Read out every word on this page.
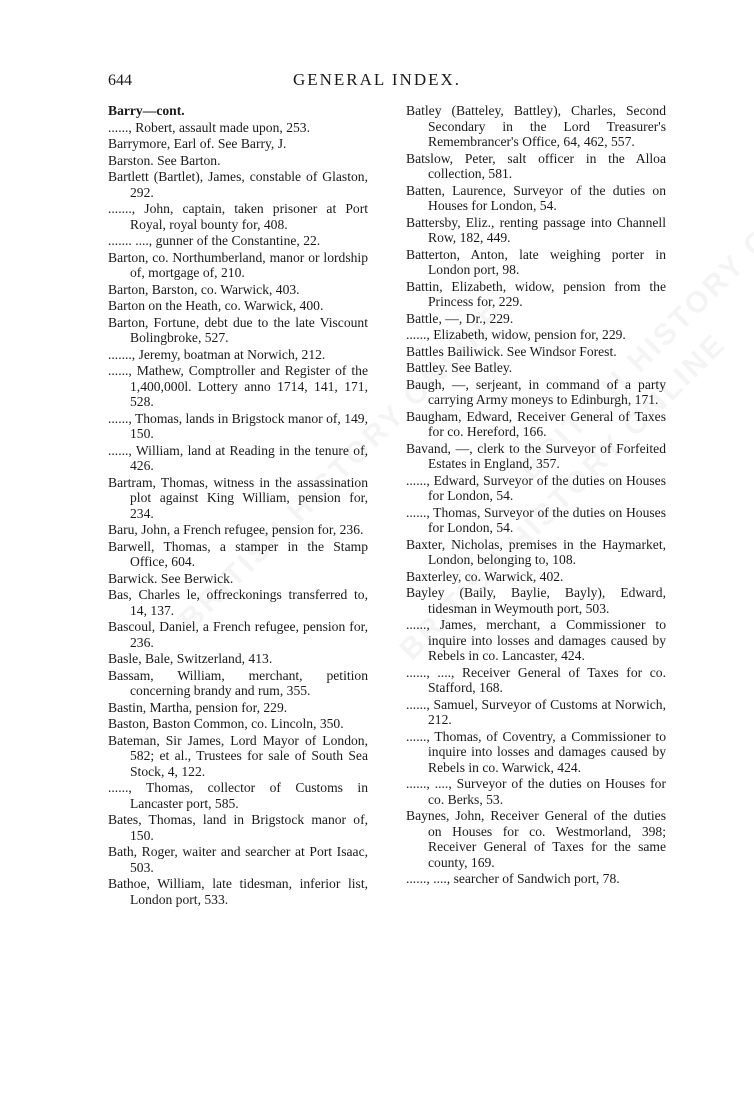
644	GENERAL INDEX.
Barry—cont.
......, Robert, assault made upon, 253.
Barrymore, Earl of. See Barry, J.
Barston. See Barton.
Bartlett (Bartlet), James, constable of Glaston, 292.
......., John, captain, taken prisoner at Port Royal, royal bounty for, 408.
....... ...., gunner of the Constantine, 22.
Barton, co. Northumberland, manor or lordship of, mortgage of, 210.
Barton, Barston, co. Warwick, 403.
Barton on the Heath, co. Warwick, 400.
Barton, Fortune, debt due to the late Viscount Bolingbroke, 527.
......., Jeremy, boatman at Norwich, 212.
......, Mathew, Comptroller and Register of the 1,400,000l. Lottery anno 1714, 141, 171, 528.
......, Thomas, lands in Brigstock manor of, 149, 150.
......, William, land at Reading in the tenure of, 426.
Bartram, Thomas, witness in the assassination plot against King William, pension for, 234.
Baru, John, a French refugee, pension for, 236.
Barwell, Thomas, a stamper in the Stamp Office, 604.
Barwick. See Berwick.
Bas, Charles le, offreckonings transferred to, 14, 137.
Bascoul, Daniel, a French refugee, pension for, 236.
Basle, Bale, Switzerland, 413.
Bassam, William, merchant, petition concerning brandy and rum, 355.
Bastin, Martha, pension for, 229.
Baston, Baston Common, co. Lincoln, 350.
Bateman, Sir James, Lord Mayor of London, 582; et al., Trustees for sale of South Sea Stock, 4, 122.
......, Thomas, collector of Customs in Lancaster port, 585.
Bates, Thomas, land in Brigstock manor of, 150.
Bath, Roger, waiter and searcher at Port Isaac, 503.
Bathoe, William, late tidesman, inferior list, London port, 533.
Batley (Batteley, Battley), Charles, Second Secondary in the Lord Treasurer's Remembrancer's Office, 64, 462, 557.
Batslow, Peter, salt officer in the Alloa collection, 581.
Batten, Laurence, Surveyor of the duties on Houses for London, 54.
Battersby, Eliz., renting passage into Channell Row, 182, 449.
Batterton, Anton, late weighing porter in London port, 98.
Battin, Elizabeth, widow, pension from the Princess for, 229.
Battle, —, Dr., 229.
......, Elizabeth, widow, pension for, 229.
Battles Bailiwick. See Windsor Forest.
Battley. See Batley.
Baugh, —, serjeant, in command of a party carrying Army moneys to Edinburgh, 171.
Baugham, Edward, Receiver General of Taxes for co. Hereford, 166.
Bavand, —, clerk to the Surveyor of Forfeited Estates in England, 357.
......, Edward, Surveyor of the duties on Houses for London, 54.
......, Thomas, Surveyor of the duties on Houses for London, 54.
Baxter, Nicholas, premises in the Haymarket, London, belonging to, 108.
Baxterley, co. Warwick, 402.
Bayley (Baily, Baylie, Bayly), Edward, tidesman in Weymouth port, 503.
......, James, merchant, a Commissioner to inquire into losses and damages caused by Rebels in co. Lancaster, 424.
......, ...., Receiver General of Taxes for co. Stafford, 168.
......, Samuel, Surveyor of Customs at Norwich, 212.
......, Thomas, of Coventry, a Commissioner to inquire into losses and damages caused by Rebels in co. Warwick, 424.
......, ...., Surveyor of the duties on Houses for co. Berks, 53.
Baynes, John, Receiver General of the duties on Houses for co. Westmorland, 398; Receiver General of Taxes for the same county, 169.
......, ...., searcher of Sandwich port, 78.
